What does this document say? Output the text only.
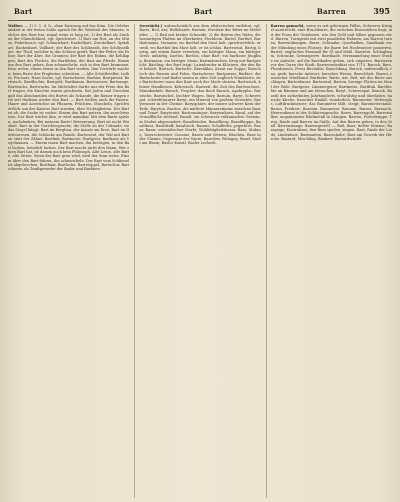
Bart	Bart	Barren	395
Weiber. — 1) 5. 1. d. h., ohne Rasirung auf das Kinn. Die Gelehrsamkeit in der freien Sohle sprach für die Weisheit des Mannes, welches den Bart hat, zumal wenn er lang ist; 2) der Bart als Zeichen der Männlichkeit, vgl. Sprichwort. 3) Bart am Hut, an der Mütze, Federbusch; vgl. Schnurrbart, Knebelbart, Zwickelbart, Spitzbart, Backenbart, Vollbart; der Bart des Schlüssels, der Schlüsselbart, der Theil, welcher in das Schloss greift; Bart der Feder, die Fahne; Bart der Ähre, die Grannen; der Bart des Hahns, die Kehllappen; Bart des Fisches, die Bartfäden; der Bart am Pferde. Einem um den Bart gehen, ihm schmeicheln; sich in den Bart brummen, leise reden; einem etwas in den Bart werfen, ihm Vorwürfe machen; beim Barte des Propheten schwören. — Alte Schriftsteller, Luther, Fischart, Hans Sachs; vgl. Bartscherer, Barbier, Bartputzer, Bartwisch, Bartflechte, Bartgeld, Bartkamm, Bartmesser, Bartzange, Bartwachs, Bartwuchs. Im Mittelalter durfte nur der Freie den Bart tragen; die Knechte waren geschoren. Bei Juden und Griechen galt das Abschneiden des Bartes als Schande; die Römer trugen erst seit Hadrian wieder den Bart. — Bart heißen auch die Fasern, Haare und Auswüchse an Pflanzen, Früchten, Muscheln. Sprichwörtlich: um des Kaisers Bart streiten, über Nichtigkeiten. Der Bart ist ab, die Sache ist vorbei. Einem den Bart putzen, ihn zurechtweisen. Der Bart wächst ihm, er wird mannbar. Mit dem Barte spielen, nachdenken. Bei meinem Barte! Beteuerung. Bart ist nicht Weisheit. Bart in der Gerichtssprache, die Stelle an der Urkunde, wo das Siegel hängt. Bart im Bergbau, der Ansatz am Erze; Bart im Hüttenwesen, die Schlacke am Rande. Bartenwal, der Wal mit Barten statt der Zähne. Bartfink, Bartmeise, Bartgeier, Bartkauz als Vogelnamen. — Einem einen Bart machen, ihn betrügen; in den Bart lachen, heimlich lachen. Der Bart macht nicht den Mann. Wer einen Bart hat, ist darum noch kein Philosoph. Alte Leute, alte Bärte, alte Sitten. Wenn der Bart grau wird, wird der Sinn weise. Einem über den Bart fahren, ihn schmeicheln. Der Bart vom Schlüssel ist abgebrochen. Barthaar, Bartlocke, Bartstoppel, Bartschur, Bartscheren als Zunftgewerbe der Bader und Barbiere.
(verstärkt.) wahrscheinlich aus dem altslavischen entlehnt, vgl. Barte, Beil, Axt; Hellebarde. Bartaxt, Streitaxt der Ritter im Mittelalter. — 1) Beil mit breiter Schneide; 2) die Barten des Wales, die hornartigen Platten im Oberkiefer, Fischbein. Bartel, Barthel, Bartholomäus, Vorname; wo Barthel den Most holt, sprichwörtlich: er weiß, wo Barthel den Most holt, er ist schlau. Bartenwal. Bärtig, bartig, mit einem Barte versehen; ein bärtiger Mann, ein bärtiger Greis; unbärtig, bartlos. Bartlos, ohne Bart; ein bartloser Jüngling. Bartmann, ein bärtiger Mann; Bartmännchen, Krug mit Bartgesicht. Bärtling, der Bart trägt; Laienbruder in Klöstern, der den Bart behielt. Bartsch, Bartsche, Bärenklau, Kraut zur Suppe; Borschtsch der Russen und Polen. Bartscherer, Bartputzer, Barbier; die Bartscherer und Bader waren in alter Zeit zugleich Wundärzte; der Bartscherer muss den Bart nach der Mode stutzen. Bartwisch, kleiner Handbesen, Kehrwisch. Bartzeit, die Zeit des Bartwuchses, Mannbarkeit. Baruch, Prophet; das Buch Baruch, Apokryphe. Barutsche, Barutschel, leichter Wagen. Bary, Barium, Baryt, Schwerspat, schwefelsaurer Baryt, ein Mineral von großem Gewichte; Barytwasser in der Chemie. Barysphäre, der innere schwere Kern der Erde. Baryton, Bariton, die mittlere Männerstimme zwischen Bass und Tenor; Barytonist, Baritonsänger; Barytonhorn. Basal, auf der Grundfläche stehend; Basalt, ein schwarzes vulkanisches Gestein, in Säulen abgesondert; Basaltsäulen, Basaltberg, Basaltkuppe, Basaltlava, Basalttuff; basaltisch. Basane, Schafleder, gegerbtes. Basar, Bazar, orientalischer Markt; Wohltätigkeitsbasar. Base, Muhme, Vaterschwester, Cousine; Basen und Vettern; Bäschen. Base in der Chemie, Gegensatz der Säure. Basedow, Pädagog. Basel, Stadt am Rhein; Basler Konzil; Basler Leckerli.
Barren gemacht, wenn es mit gehörigen Fällen, Schwerer Kringel ausstreicht, eine Bruchbarre, die zwischen Eisenstäben liegt, mit der Form der Gussbarre, wie den Gold und Silber gegossen wird. Barren, Turngerät mit zwei parallelen Holmen; am Barren turnen, Barrenübungen. Barre, Schranke, Querbalken, Sandbank vor der Mündung eines Flusses; die Barre bei Hochwasser passieren. Barrel, englisches Fassmaß für Öl und Mehl. Barrière, Schlagbaum, Schranke, Grenzsperre. Barrikade, Verrammelung einer Straße im Aufruhr; auf die Barrikaden gehen, sich empören. Barrieren vor den Toren der Stadt; Barrierentraktat von 1715. Barsch, Bars, Flussbarsch, Perca fluviatilis; Barschfang. Barsch, unfreundlich, rau, grob; barsche Antwort, barsches Wesen; Barschheit. Barsoi, russischer Windhund. Bartheke. Barte, Axt, Beil; mit der Barte zuschlagen; Bartenhauer. Bartenwal. Barten, hornige Platten im Maul der Wale. Bartgeier, Lämmergeier; Bartmeise, Bartfink. Bartflechte an Bäumen und am Menschen. Baryt, Schwerspat. Barock, Baustil des siebzehnten Jahrhunderts, schwülstig und überladen; barocke Kirche; barocker Einfall, wunderlich. Barometer, Wetterglas, Luftdruckmesser; das Barometer fällt, steigt; Barometerstand. Baron, Freiherr; Baronin, Baronesse; Baronie. Barras, Barrasch, Heeresdienst in der Soldatensprache. Barre, Barrengold, Barrensilber, ungemünztes Edelmetall in Stangen. Barren, Futterkrippe, Trog; Raufe und Barren im Stalle. Auf den Barren gehen, in den Stall. Barrenstange, Barrengestell. — Baß, Bass, tiefste Stimme; Bassgeige, Kontrabass; den Bass spielen, singen. Bast, Rinde der Linde, Lindenbast, Bastmatten, Bastschuhe; Bast am Geweih der Hirsche. Bastard, Mischling, Bankert; Bastardschrift.
